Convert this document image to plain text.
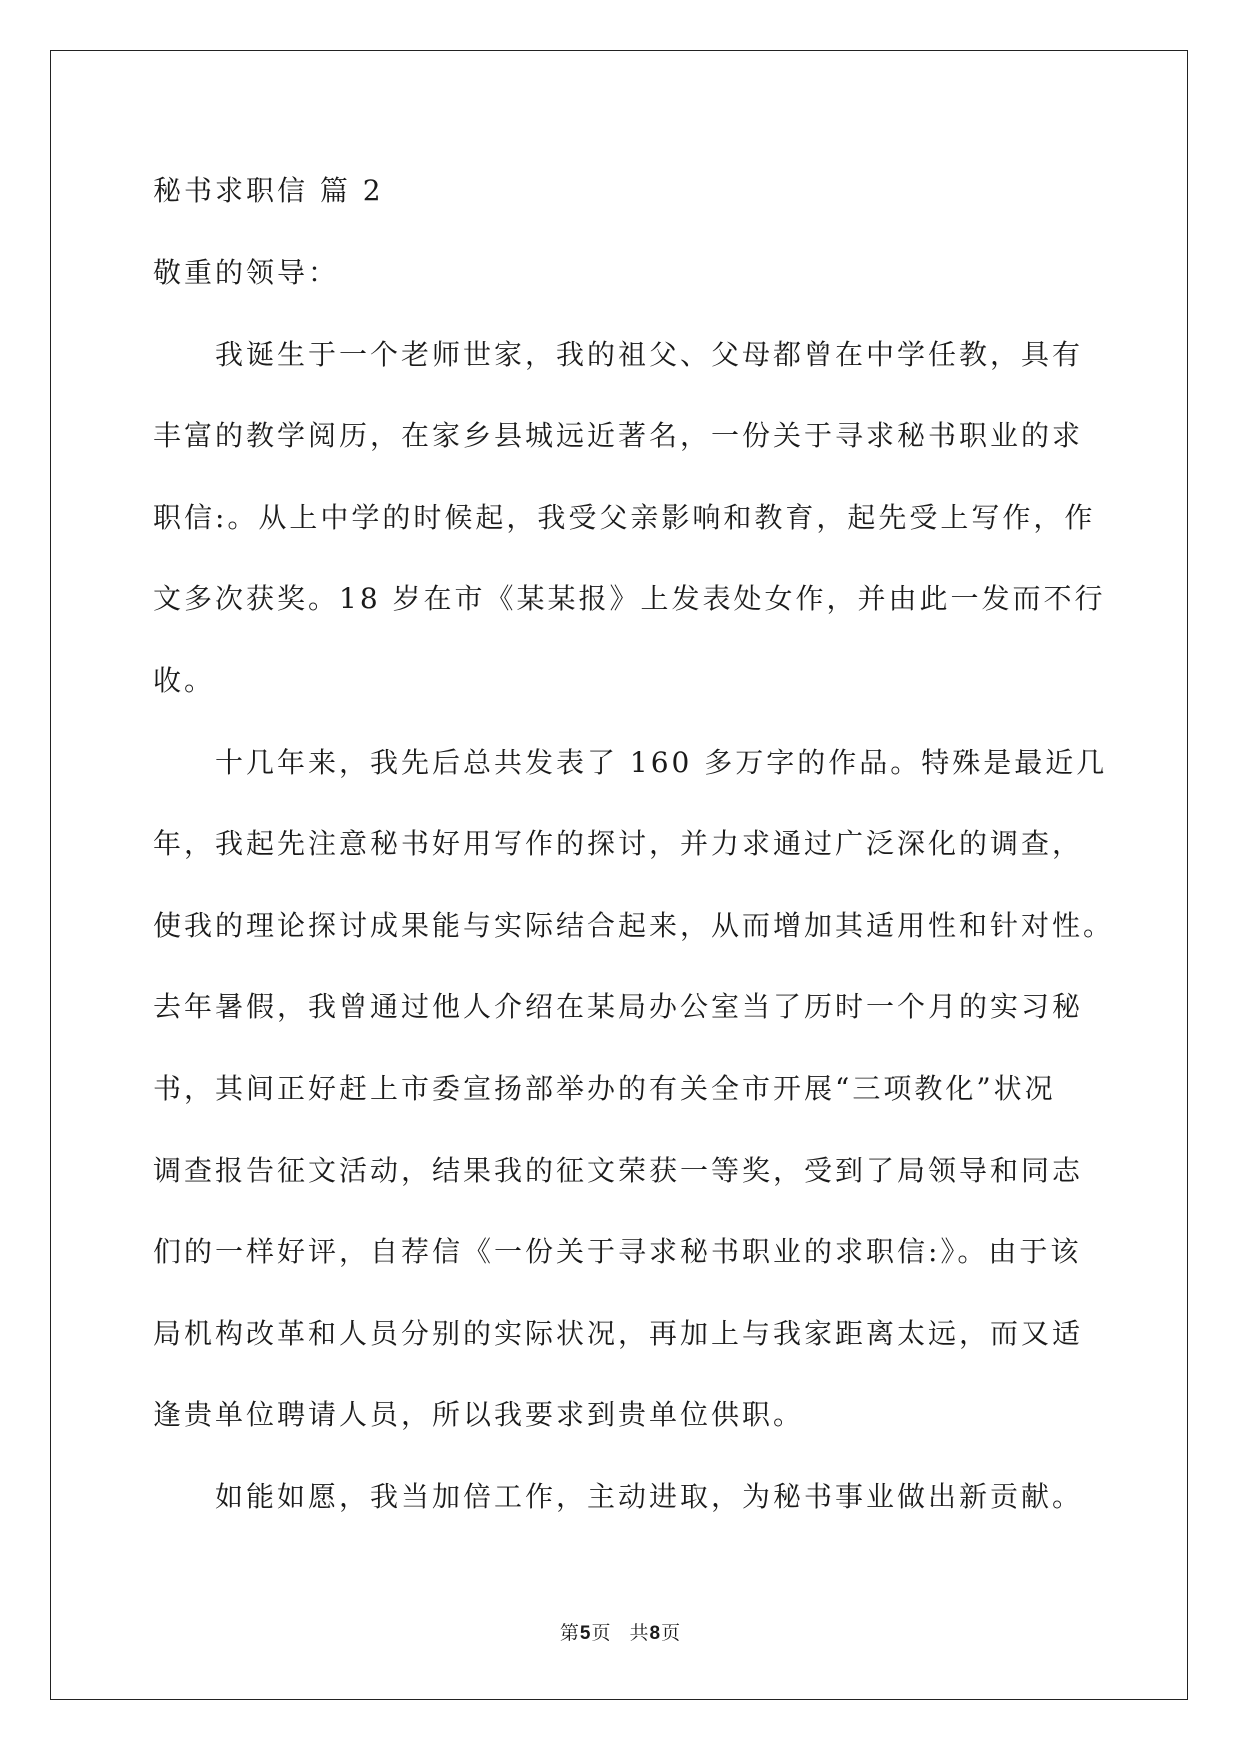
秘书求职信 篇 2
敬重的领导：
我诞生于一个老师世家，我的祖父、父母都曾在中学任教，具有
丰富的教学阅历，在家乡县城远近著名，一份关于寻求秘书职业的求
职信:。从上中学的时候起，我受父亲影响和教育，起先受上写作，作
文多次获奖。18 岁在市《某某报》上发表处女作，并由此一发而不行
收。
十几年来，我先后总共发表了 160 多万字的作品。特殊是最近几
年，我起先注意秘书好用写作的探讨，并力求通过广泛深化的调查，
使我的理论探讨成果能与实际结合起来，从而增加其适用性和针对性。
去年暑假，我曾通过他人介绍在某局办公室当了历时一个月的实习秘
书，其间正好赶上市委宣扬部举办的有关全市开展“三项教化”状况
调查报告征文活动，结果我的征文荣获一等奖，受到了局领导和同志
们的一样好评，自荐信《一份关于寻求秘书职业的求职信:》。由于该
局机构改革和人员分别的实际状况，再加上与我家距离太远，而又适
逢贵单位聘请人员，所以我要求到贵单位供职。
如能如愿，我当加倍工作，主动进取，为秘书事业做出新贡献。
第5页 共8页
